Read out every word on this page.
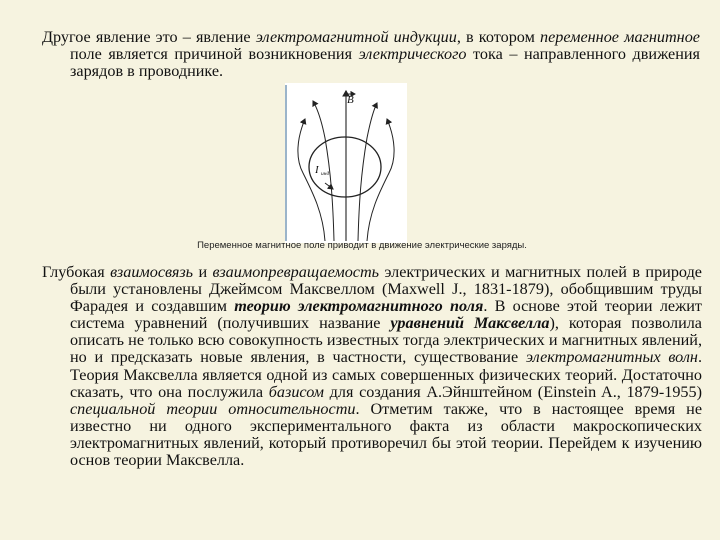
Другое явление это – явление электромагнитной индукции, в котором переменное магнитное поле является причиной возникновения электрического тока – направленного движения зарядов в проводнике.

B
I инд
Переменное магнитное поле приводит в движение электрические заряды.

Глубокая взаимосвязь и взаимопревращаемость электрических и магнитных полей в природе были установлены Джеймсом Максвеллом (Maxwell J., 1831-1879), обобщившим труды Фарадея и создавшим теорию электромагнитного поля. В основе этой теории лежит система уравнений (получивших название уравнений Максвелла), которая позволила описать не только всю совокупность известных тогда электрических и магнитных явлений, но и предсказать новые явления, в частности, существование электромагнитных волн. Теория Максвелла является одной из самых совершенных физических теорий. Достаточно сказать, что она послужила базисом для создания А.Эйнштейном (Einstein A., 1879-1955) специальной теории относительности. Отметим также, что в настоящее время не известно ни одного экспериментального факта из области макроскопических электромагнитных явлений, который противоречил бы этой теории. Перейдем к изучению основ теории Максвелла.
